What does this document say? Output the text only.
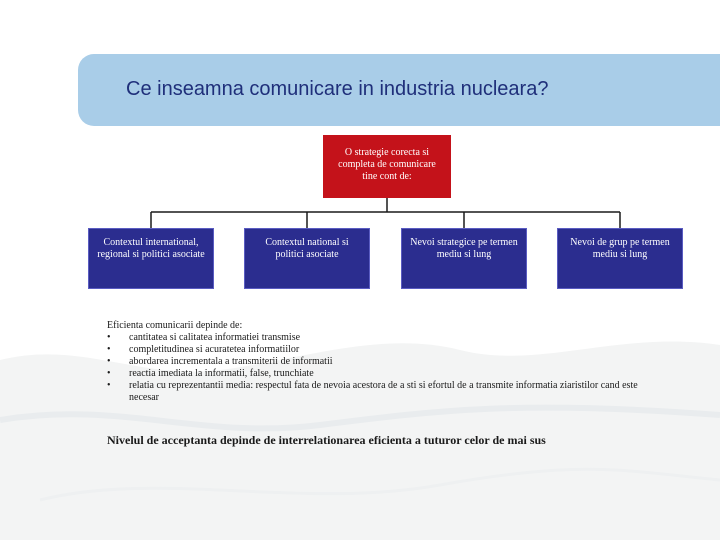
Ce inseamna comunicare in industria nucleara?
O strategie corecta si
completa de comunicare
tine cont de:
Contextul international,
regional si politici asociate
Contextul national si
politici asociate
Nevoi strategice pe termen
mediu si lung
Nevoi de grup pe termen
mediu si lung

Eficienta comunicarii depinde de:

• cantitatea si calitatea informatiei transmise
• completitudinea si acuratetea informatiilor
• abordarea incrementala a transmiterii de informatii
• reactia imediata la informatii, false, trunchiate
• relatia cu reprezentantii media: respectul fata de nevoia acestora de a sti si efortul de a transmite informatia ziaristilor cand este necesar
Nivelul de acceptanta depinde de interrelationarea eficienta a tuturor celor de mai sus
